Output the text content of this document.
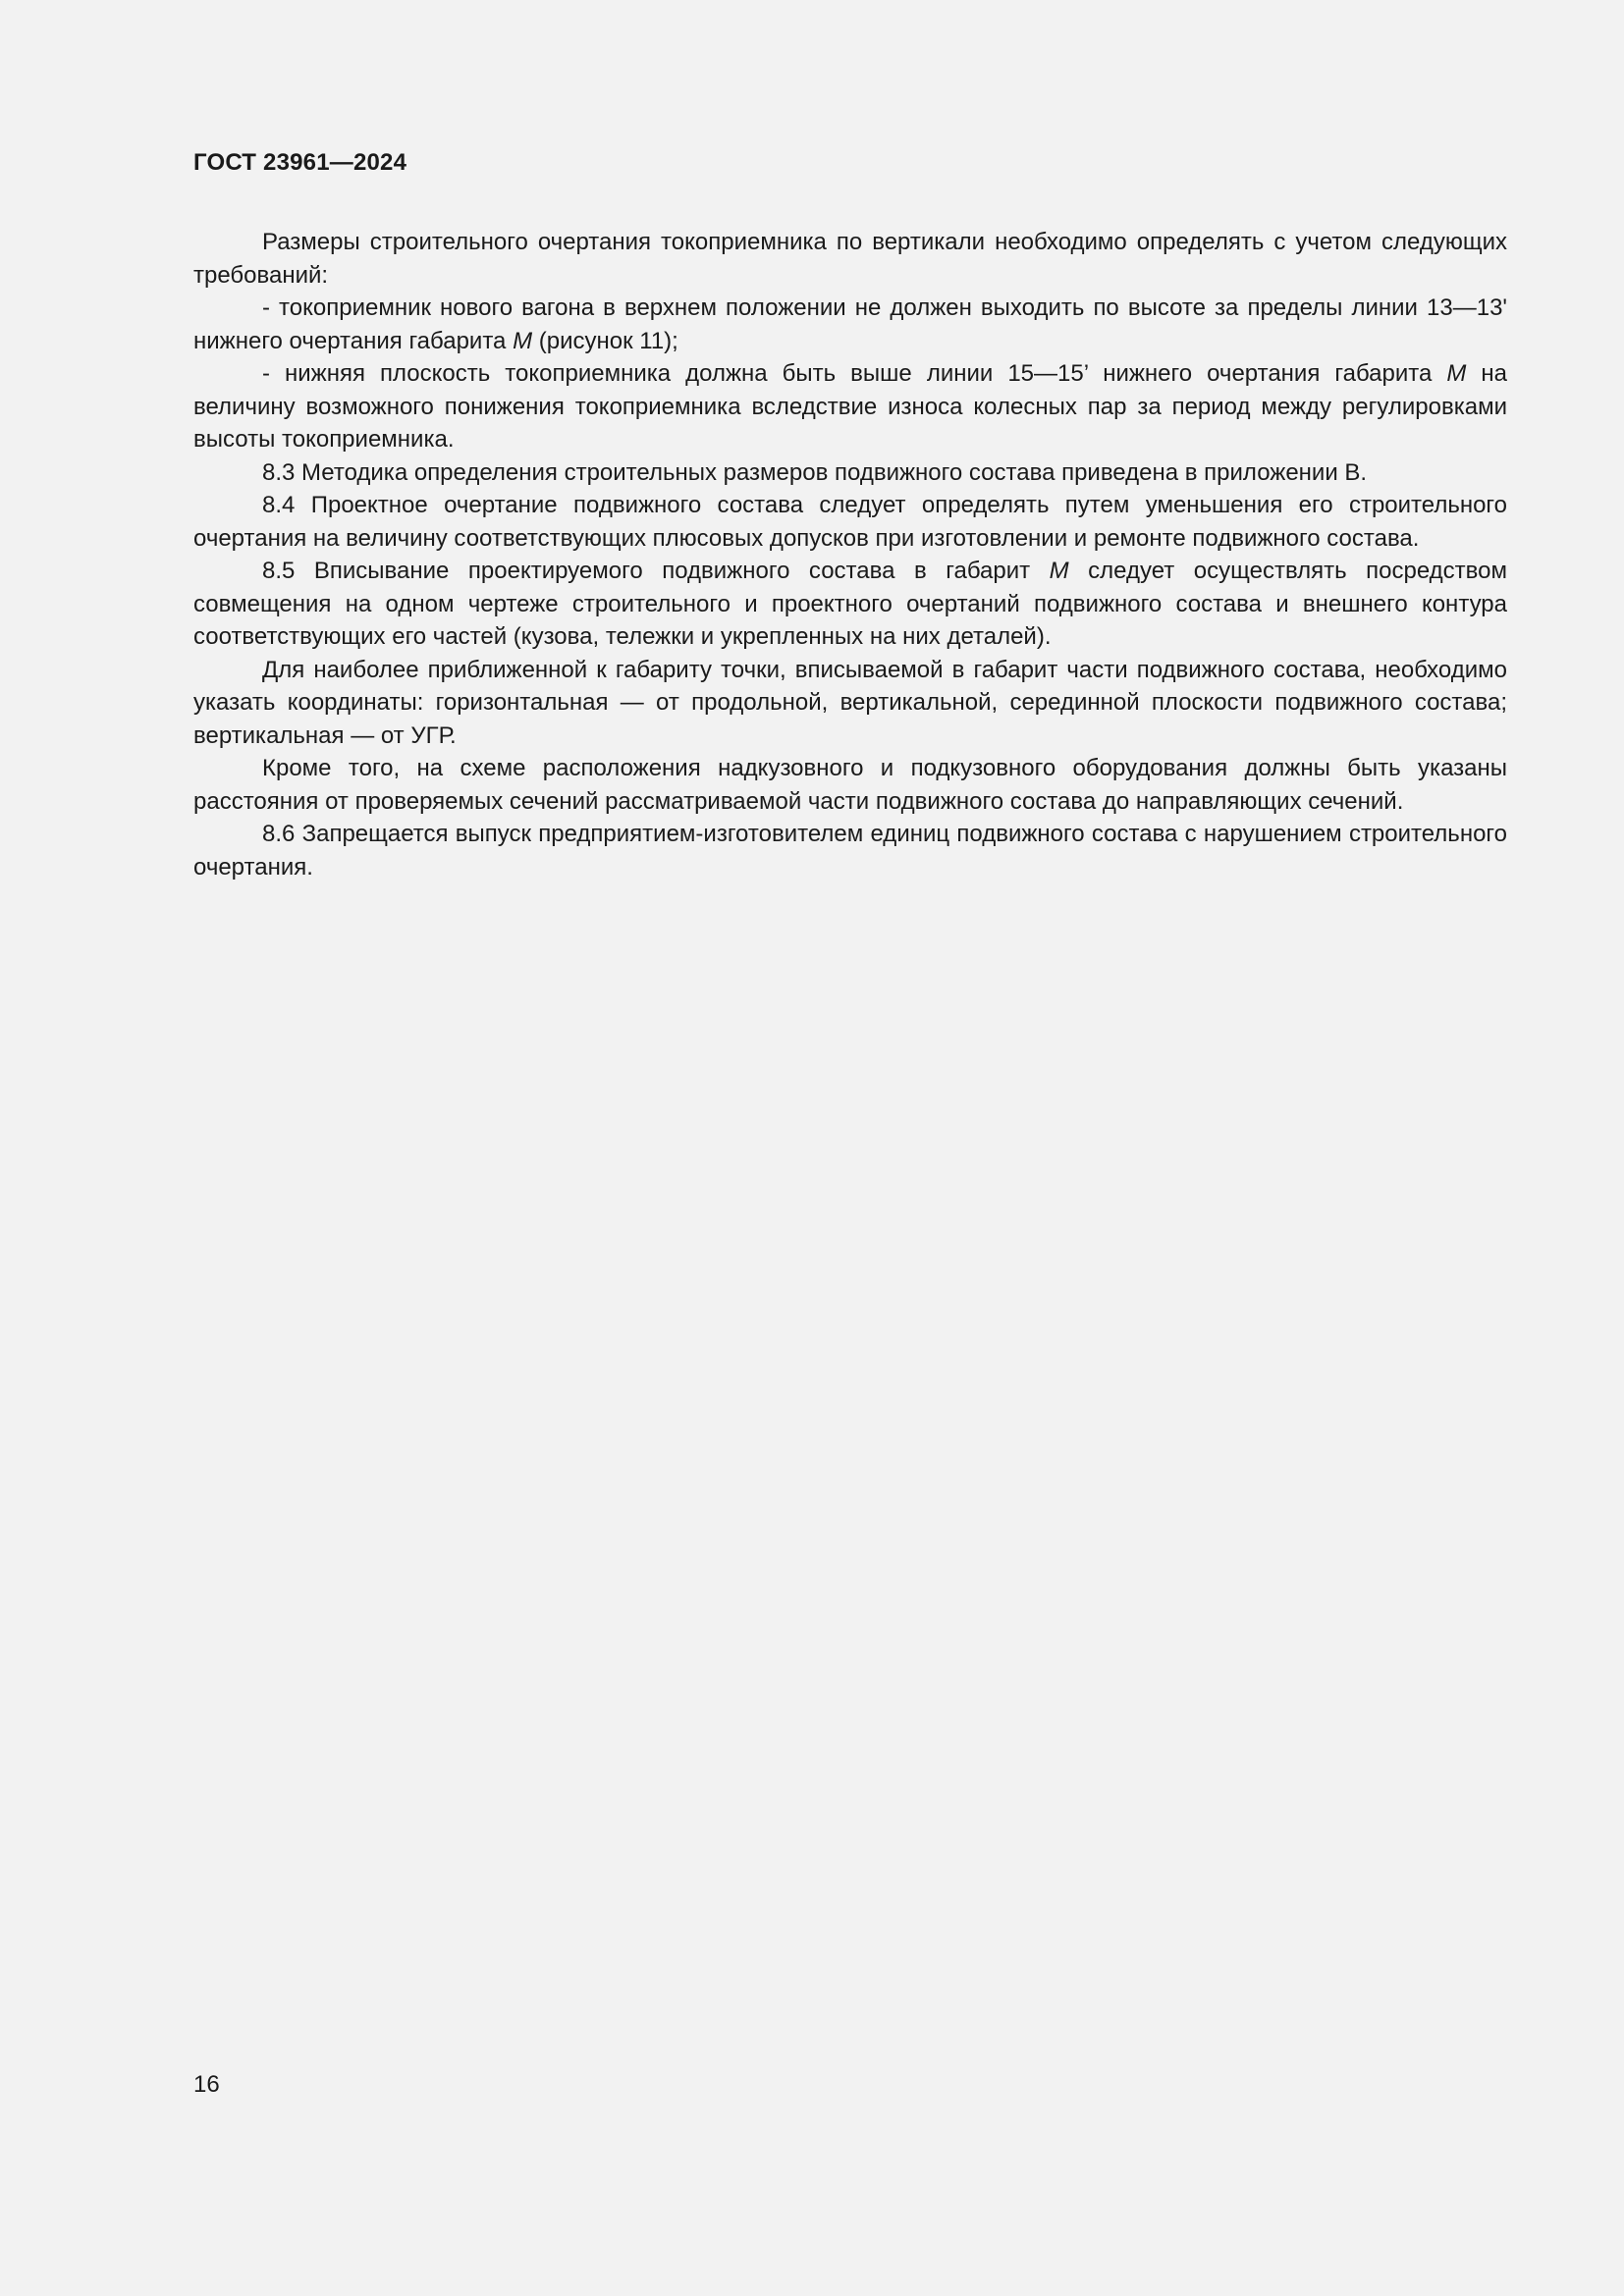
ГОСТ 23961—2024

Размеры строительного очертания токоприемника по вертикали необходимо определять с учетом следующих требований:

- токоприемник нового вагона в верхнем положении не должен выходить по высоте за пределы линии 13—13' нижнего очертания габарита М (рисунок 11);

- нижняя плоскость токоприемника должна быть выше линии 15—15’ нижнего очертания габарита М на величину возможного понижения токоприемника вследствие износа колесных пар за период между регулировками высоты токоприемника.

8.3 Методика определения строительных размеров подвижного состава приведена в приложении В.

8.4 Проектное очертание подвижного состава следует определять путем уменьшения его строительного очертания на величину соответствующих плюсовых допусков при изготовлении и ремонте подвижного состава.

8.5 Вписывание проектируемого подвижного состава в габарит М следует осуществлять посредством совмещения на одном чертеже строительного и проектного очертаний подвижного состава и внешнего контура соответствующих его частей (кузова, тележки и укрепленных на них деталей).

Для наиболее приближенной к габариту точки, вписываемой в габарит части подвижного состава, необходимо указать координаты: горизонтальная — от продольной, вертикальной, серединной плоскости подвижного состава; вертикальная — от УГР.

Кроме того, на схеме расположения надкузовного и подкузовного оборудования должны быть указаны расстояния от проверяемых сечений рассматриваемой части подвижного состава до направляющих сечений.

8.6 Запрещается выпуск предприятием-изготовителем единиц подвижного состава с нарушением строительного очертания.

16
